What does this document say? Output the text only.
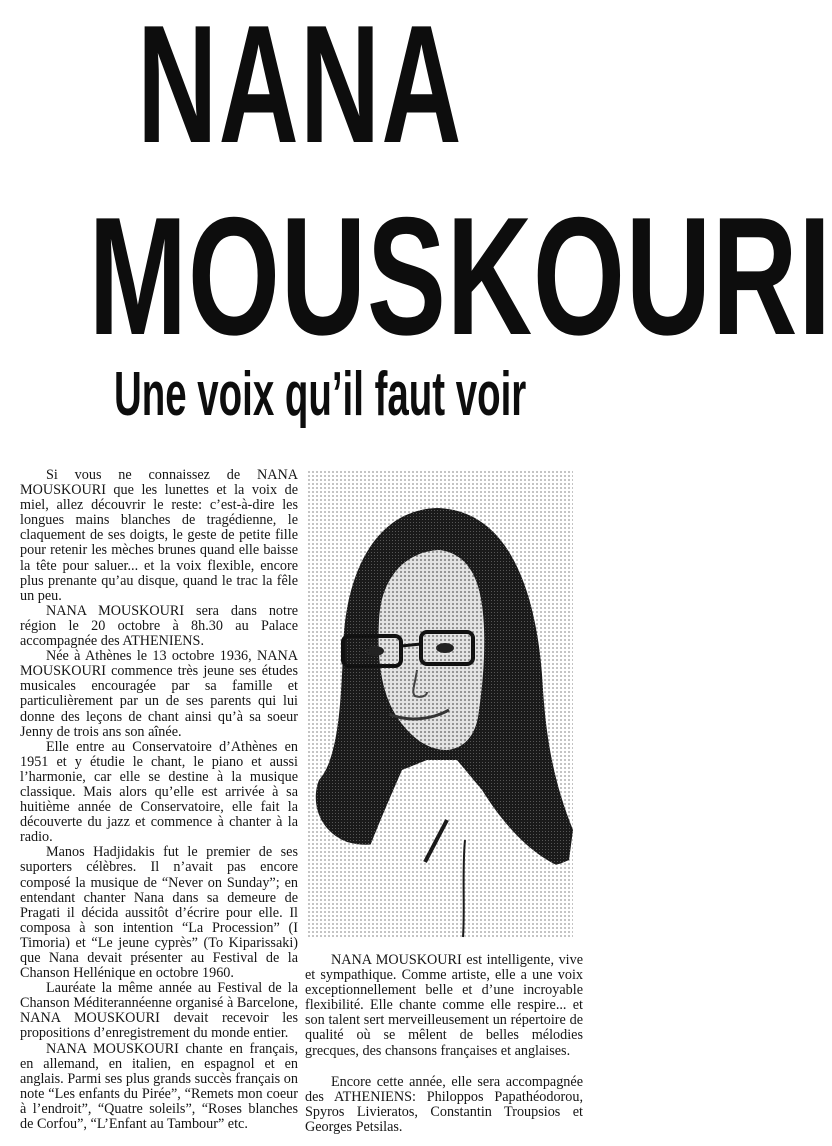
NANA
MOUSKOURI
Une voix qu’il faut voir

Si vous ne connaissez de NANA MOUSKOURI que les lunettes et la voix de miel, allez découvrir le reste: c’est-à-dire les longues mains blanches de tragédienne, le claquement de ses doigts, le geste de petite fille pour retenir les mèches brunes quand elle baisse la tête pour saluer... et la voix flexible, encore plus prenante qu’au disque, quand le trac la fêle un peu.

NANA MOUSKOURI sera dans notre région le 20 octobre à 8h.30 au Palace accompagnée des ATHENIENS.

Née à Athènes le 13 octobre 1936, NANA MOUSKOURI commence très jeune ses études musicales encouragée par sa famille et particulièrement par un de ses parents qui lui donne des leçons de chant ainsi qu’à sa soeur Jenny de trois ans son aînée.

Elle entre au Conservatoire d’Athènes en 1951 et y étudie le chant, le piano et aussi l’harmonie, car elle se destine à la musique classique. Mais alors qu’elle est arrivée à sa huitième année de Conservatoire, elle fait la découverte du jazz et commence à chanter à la radio.

Manos Hadjidakis fut le premier de ses suporters célèbres. Il n’avait pas encore composé la musique de “Never on Sunday”; en entendant chanter Nana dans sa demeure de Pragati il décida aussitôt d’écrire pour elle. Il composa à son intention “La Procession” (I Timoria) et “Le jeune cyprès” (To Kiparissaki) que Nana devait présenter au Festival de la Chanson Hellénique en octobre 1960.

Lauréate la même année au Festival de la Chanson Méditerannéenne organisé à Barcelone, NANA MOUSKOURI devait recevoir les propositions d’enregistrement du monde entier.

NANA MOUSKOURI chante en français, en allemand, en italien, en espagnol et en anglais. Parmi ses plus grands succès français on note “Les enfants du Pirée”, “Remets mon coeur à l’endroit”, “Quatre soleils”, “Roses blanches de Corfou”, “L’Enfant au Tambour” etc.

NANA MOUSKOURI est intelligente, vive et sympathique. Comme artiste, elle a une voix exceptionnellement belle et d’une incroyable flexibilité. Elle chante comme elle respire... et son talent sert merveilleusement un répertoire de qualité où se mêlent de belles mélodies grecques, des chansons françaises et anglaises.

Encore cette année, elle sera accompagnée des ATHENIENS: Philoppos Papathéodorou, Spyros Livieratos, Constantin Troupsios et Georges Petsilas.
